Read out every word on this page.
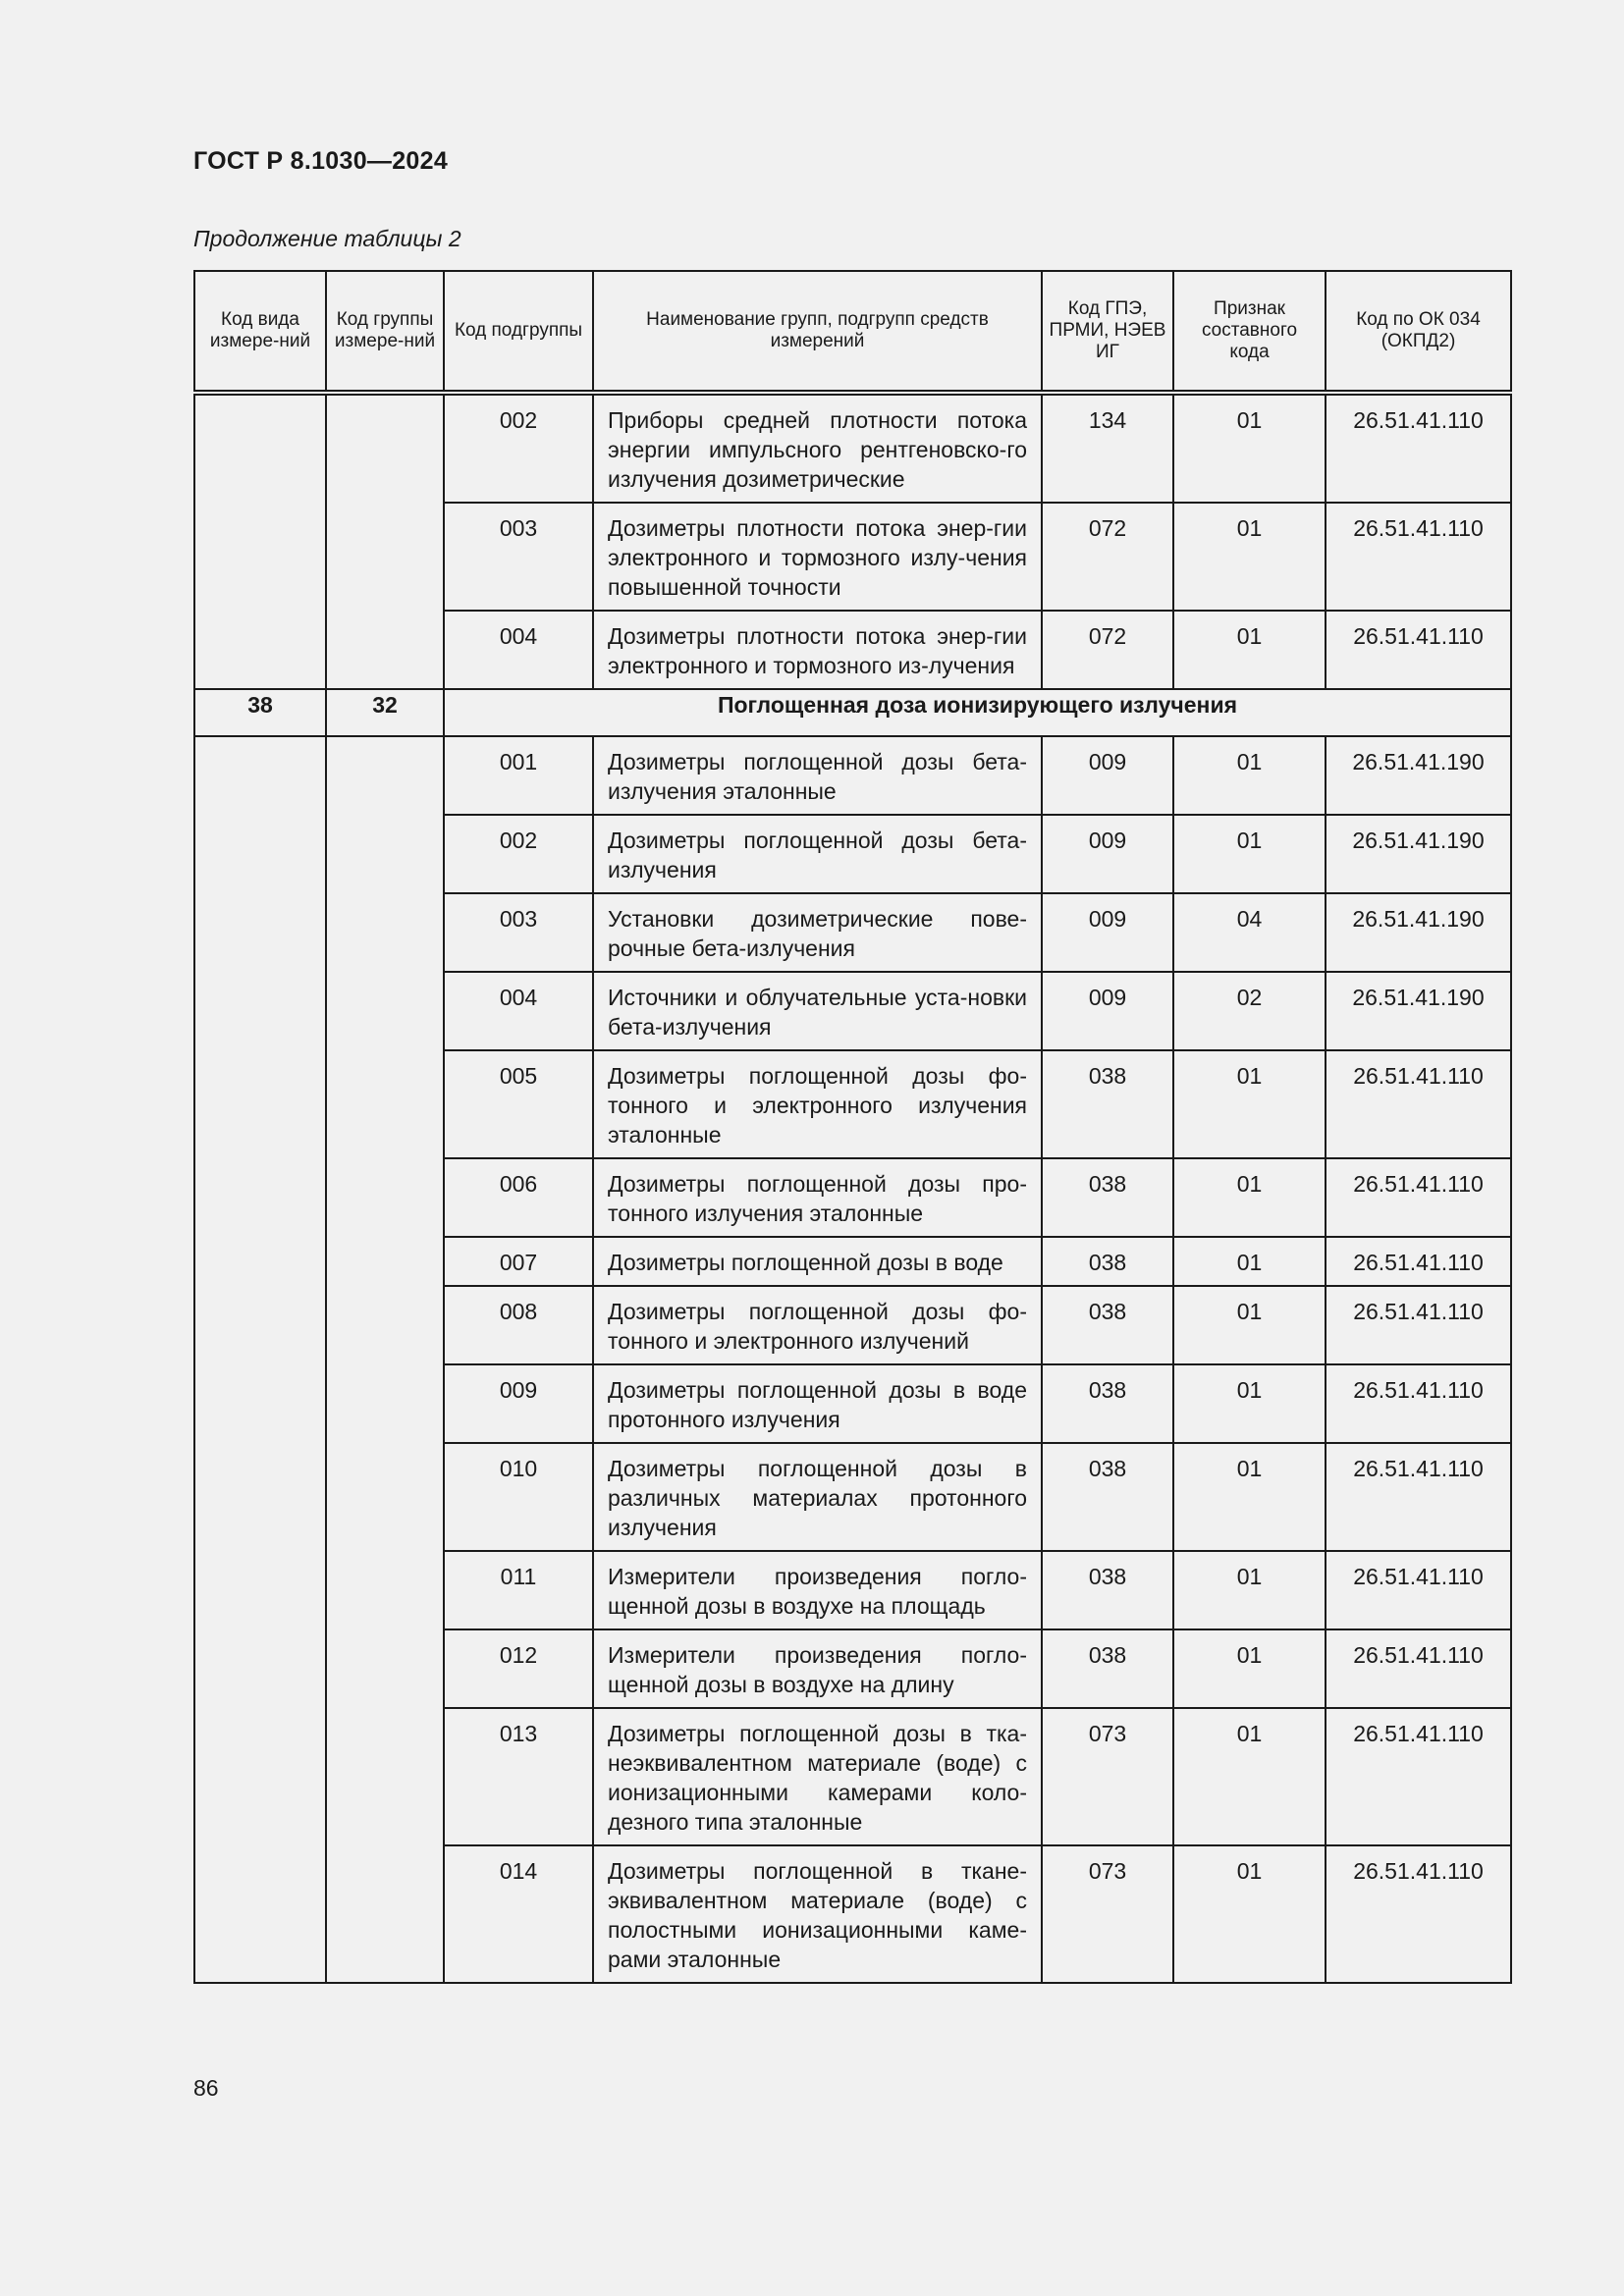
ГОСТ Р 8.1030—2024
Продолжение таблицы 2
Код вида измере-ний	Код группы измере-ний	Код подгруппы	Наименование групп, подгрупп средств измерений	Код ГПЭ, ПРМИ, НЭЕВ ИГ	Признак составного кода	Код по ОК 034 (ОКПД2)
		002	Приборы средней плотности потока энергии импульсного рентгеновско-го излучения дозиметрические	134	01	26.51.41.110
		003	Дозиметры плотности потока энер-гии электронного и тормозного излу-чения повышенной точности	072	01	26.51.41.110
		004	Дозиметры плотности потока энер-гии электронного и тормозного из-лучения	072	01	26.51.41.110
38	32	Поглощенная доза ионизирующего излучения				
		001	Дозиметры поглощенной дозы бета-излучения эталонные	009	01	26.51.41.190
		002	Дозиметры поглощенной дозы бета-излучения	009	01	26.51.41.190
		003	Установки дозиметрические пове-рочные бета-излучения	009	04	26.51.41.190
		004	Источники и облучательные уста-новки бета-излучения	009	02	26.51.41.190
		005	Дозиметры поглощенной дозы фо-тонного и электронного излучения эталонные	038	01	26.51.41.110
		006	Дозиметры поглощенной дозы про-тонного излучения эталонные	038	01	26.51.41.110
		007	Дозиметры поглощенной дозы в воде	038	01	26.51.41.110
		008	Дозиметры поглощенной дозы фо-тонного и электронного излучений	038	01	26.51.41.110
		009	Дозиметры поглощенной дозы в воде протонного излучения	038	01	26.51.41.110
		010	Дозиметры поглощенной дозы в различных материалах протонного излучения	038	01	26.51.41.110
		011	Измерители произведения погло-щенной дозы в воздухе на площадь	038	01	26.51.41.110
		012	Измерители произведения погло-щенной дозы в воздухе на длину	038	01	26.51.41.110
		013	Дозиметры поглощенной дозы в тка-неэквивалентном материале (воде) с ионизационными камерами коло-дезного типа эталонные	073	01	26.51.41.110
		014	Дозиметры поглощенной в ткане-эквивалентном материале (воде) с полостными ионизационными каме-рами эталонные	073	01	26.51.41.110
86
